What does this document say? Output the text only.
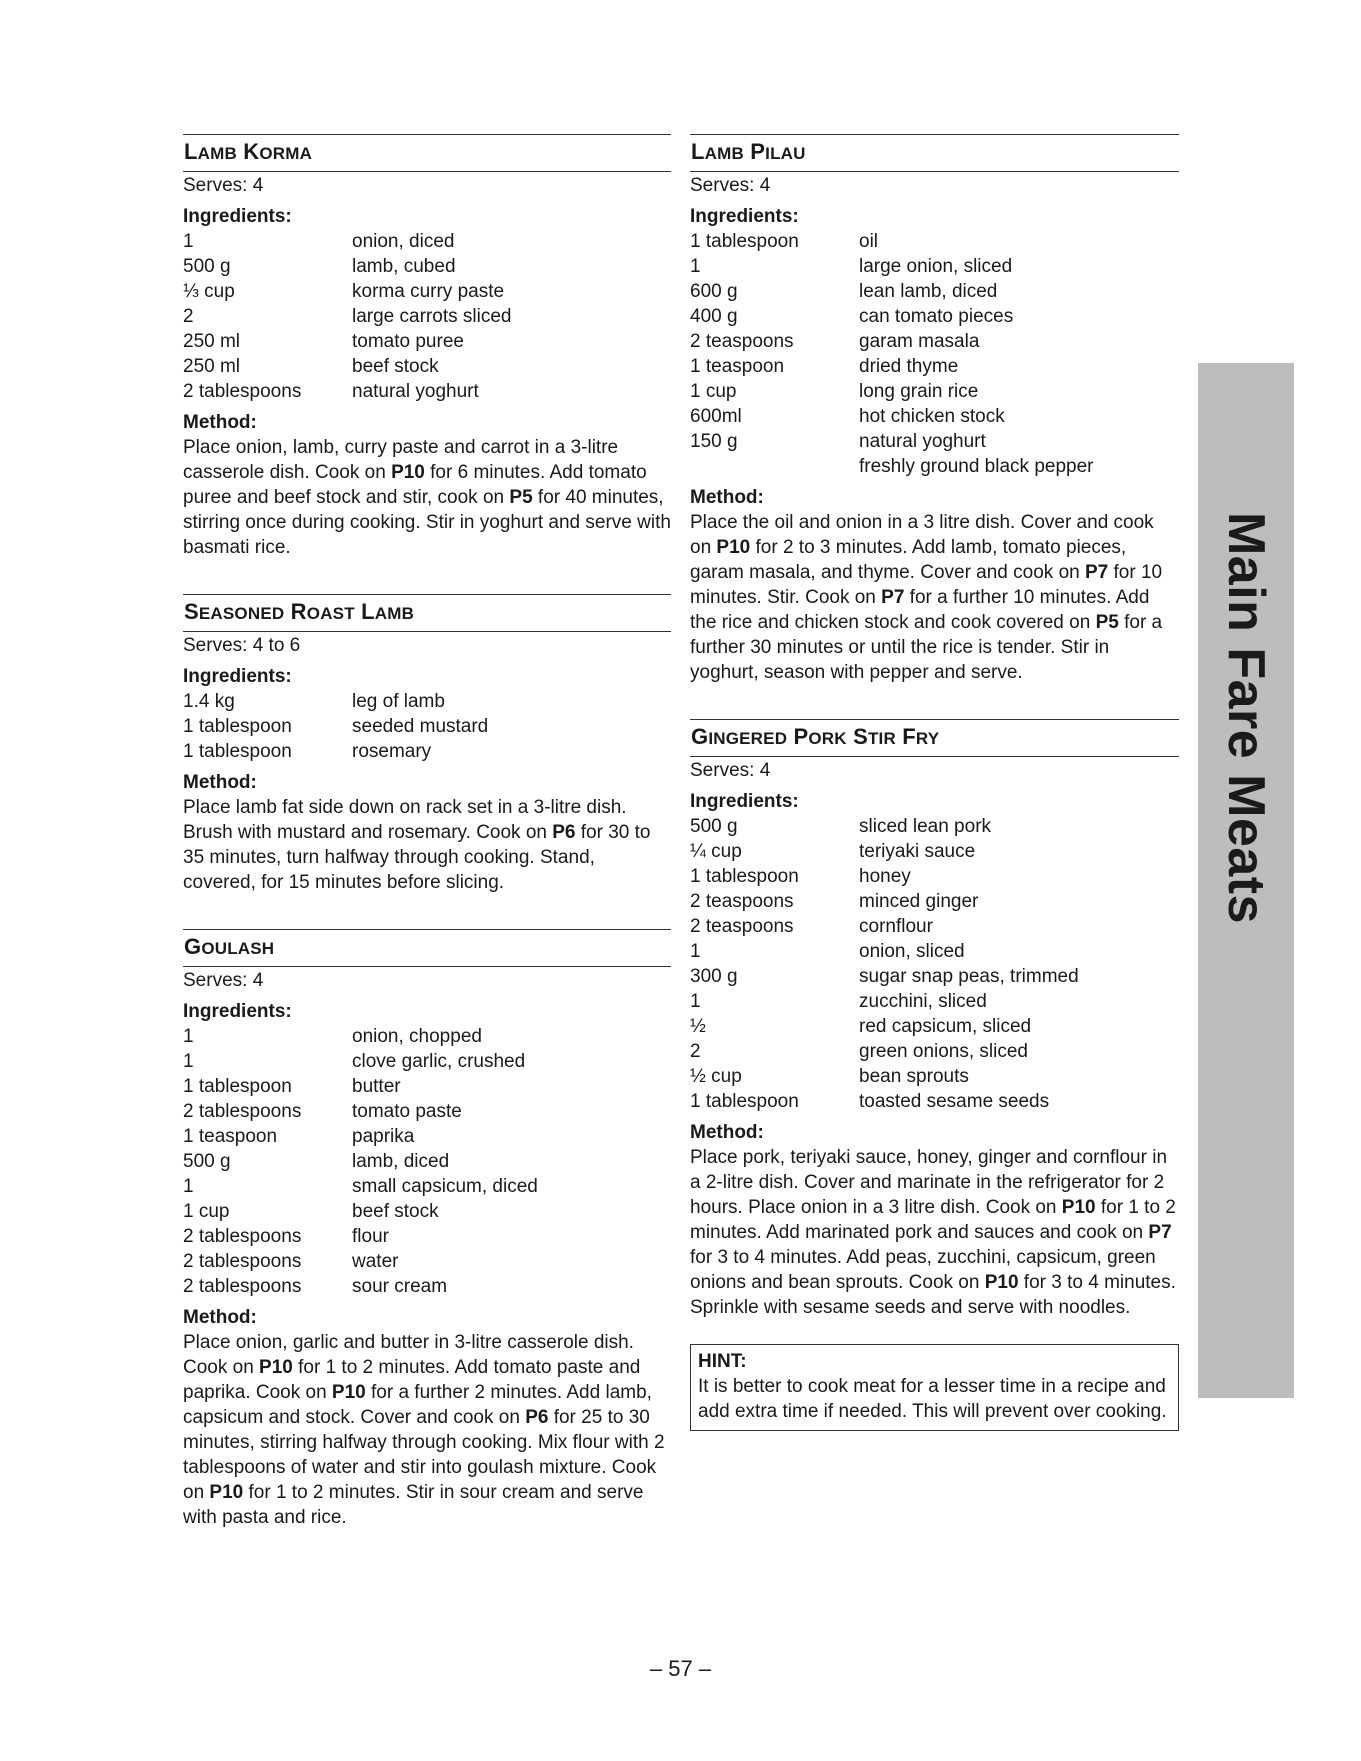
LAMB KORMA
Serves: 4
Ingredients:
1	onion, diced
500 g	lamb, cubed
⅓ cup	korma curry paste
2	large carrots sliced
250 ml	tomato puree
250 ml	beef stock
2 tablespoons	natural yoghurt
Method:

Place onion, lamb, curry paste and carrot in a 3-litre casserole dish. Cook on P10 for 6 minutes. Add tomato puree and beef stock and stir, cook on P5 for 40 minutes, stirring once during cooking. Stir in yoghurt and serve with basmati rice.

SEASONED ROAST LAMB
Serves: 4 to 6
Ingredients:
1.4 kg	leg of lamb
1 tablespoon	seeded mustard
1 tablespoon	rosemary
Method:

Place lamb fat side down on rack set in a 3-litre dish. Brush with mustard and rosemary. Cook on P6 for 30 to 35 minutes, turn halfway through cooking. Stand, covered, for 15 minutes before slicing.

GOULASH
Serves: 4
Ingredients:
1	onion, chopped
1	clove garlic, crushed
1 tablespoon	butter
2 tablespoons	tomato paste
1 teaspoon	paprika
500 g	lamb, diced
1	small capsicum, diced
1 cup	beef stock
2 tablespoons	flour
2 tablespoons	water
2 tablespoons	sour cream
Method:

Place onion, garlic and butter in 3-litre casserole dish. Cook on P10 for 1 to 2 minutes. Add tomato paste and paprika. Cook on P10 for a further 2 minutes. Add lamb, capsicum and stock. Cover and cook on P6 for 25 to 30 minutes, stirring halfway through cooking. Mix flour with 2 tablespoons of water and stir into goulash mixture. Cook on P10 for 1 to 2 minutes. Stir in sour cream and serve with pasta and rice.

LAMB PILAU
Serves: 4
Ingredients:
1 tablespoon	oil
1	large onion, sliced
600 g	lean lamb, diced
400 g	can tomato pieces
2 teaspoons	garam masala
1 teaspoon	dried thyme
1 cup	long grain rice
600ml	hot chicken stock
150 g	natural yoghurt
freshly ground black pepper
Method:

Place the oil and onion in a 3 litre dish. Cover and cook on P10 for 2 to 3 minutes. Add lamb, tomato pieces, garam masala, and thyme. Cover and cook on P7 for 10 minutes. Stir. Cook on P7 for a further 10 minutes. Add the rice and chicken stock and cook covered on P5 for a further 30 minutes or until the rice is tender. Stir in yoghurt, season with pepper and serve.

GINGERED PORK STIR FRY
Serves: 4
Ingredients:
500 g	sliced lean pork
¼ cup	teriyaki sauce
1 tablespoon	honey
2 teaspoons	minced ginger
2 teaspoons	cornflour
1	onion, sliced
300 g	sugar snap peas, trimmed
1	zucchini, sliced
½	red capsicum, sliced
2	green onions, sliced
½ cup	bean sprouts
1 tablespoon	toasted sesame seeds
Method:

Place pork, teriyaki sauce, honey, ginger and cornflour in a 2-litre dish. Cover and marinate in the refrigerator for 2 hours. Place onion in a 3 litre dish. Cook on P10 for 1 to 2 minutes. Add marinated pork and sauces and cook on P7 for 3 to 4 minutes. Add peas, zucchini, capsicum, green onions and bean sprouts. Cook on P10 for 3 to 4 minutes. Sprinkle with sesame seeds and serve with noodles.

HINT:
It is better to cook meat for a lesser time in a recipe and add extra time if needed. This will prevent over cooking.
Main Fare Meats
– 57 –
